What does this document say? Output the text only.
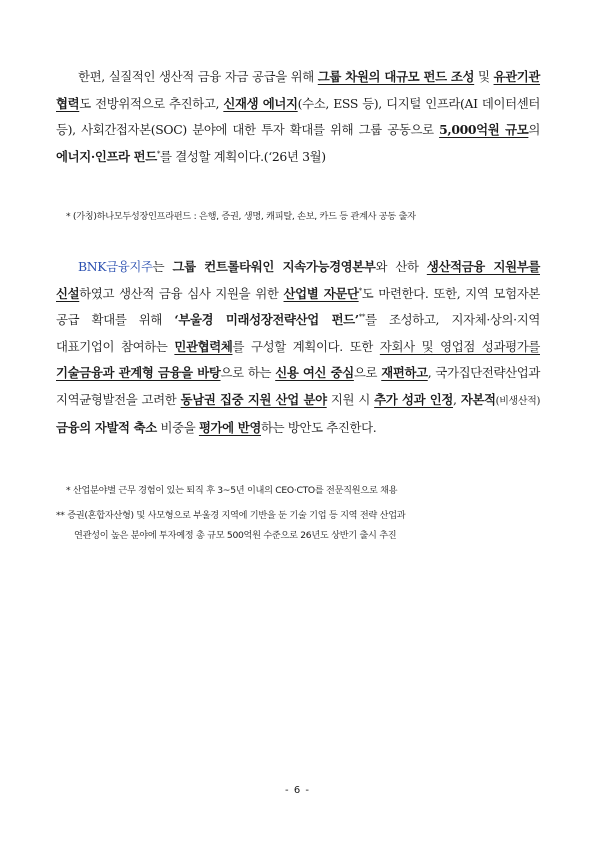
한편, 실질적인 생산적 금융 자금 공급을 위해 그룹 차원의 대규모 펀드 조성 및 유관기관 협력도 전방위적으로 추진하고, 신재생 에너지(수소, ESS 등), 디지털 인프라(AI 데이터센터 등), 사회간접자본(SOC) 분야에 대한 투자 확대를 위해 그룹 공동으로 5,000억원 규모의 에너지·인프라 펀드*를 결성할 계획이다.(‘26년 3월)

* (가칭)하나모두성장인프라펀드 : 은행, 증권, 생명, 캐피탈, 손보, 카드 등 관계사 공동 출자

BNK금융지주는 그룹 컨트롤타워인 지속가능경영본부와 산하 생산적금융 지원부를 신설하였고 생산적 금융 심사 지원을 위한 산업별 자문단*도 마련한다. 또한, 지역 모험자본 공급 확대를 위해 ‘부울경 미래성장전략산업 펀드’**를 조성하고, 지자체·상의·지역 대표기업이 참여하는 민관협력체를 구성할 계획이다. 또한 자회사 및 영업점 성과평가를 기술금융과 관계형 금융을 바탕으로 하는 신용 여신 중심으로 재편하고, 국가집단전략산업과 지역균형발전을 고려한 동남권 집중 지원 산업 분야 지원 시 추가 성과 인정, 자본적(비생산적) 금융의 자발적 축소 비중을 평가에 반영하는 방안도 추진한다.

* 산업분야별 근무 경험이 있는 퇴직 후 3~5년 이내의 CEO·CTO를 전문직원으로 채용

** 증권(혼합자산형) 및 사모형으로 부울경 지역에 기반을 둔 기술 기업 등 지역 전략 산업과
연관성이 높은 분야에 투자예정 총 규모 500억원 수준으로 26년도 상반기 출시 추진

- 6 -
